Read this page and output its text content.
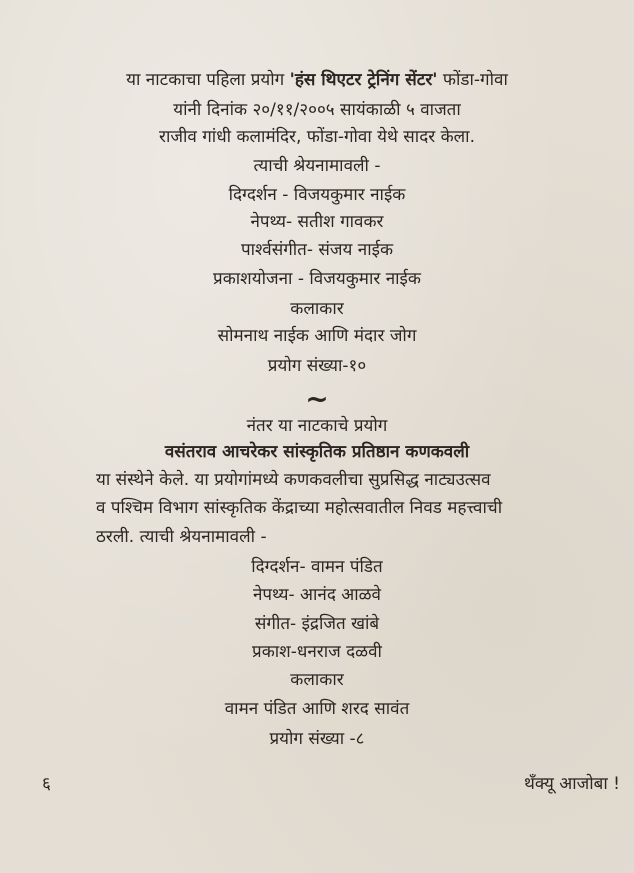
या नाटकाचा पहिला प्रयोग 'हंस थिएटर ट्रेनिंग सेंटर' फोंडा-गोवा
यांनी दिनांक २०/११/२००५ सायंकाळी ५ वाजता
राजीव गांधी कलामंदिर, फोंडा-गोवा येथे सादर केला.
त्याची श्रेयनामावली -
दिग्दर्शन - विजयकुमार नाईक
नेपथ्य- सतीश गावकर
पार्श्वसंगीत- संजय नाईक
प्रकाशयोजना - विजयकुमार नाईक
कलाकार
सोमनाथ नाईक आणि मंदार जोग
प्रयोग संख्या-१०
~
नंतर या नाटकाचे प्रयोग
वसंतराव आचरेकर सांस्कृतिक प्रतिष्ठान कणकवली
या संस्थेने केले. या प्रयोगांमध्ये कणकवलीचा सुप्रसिद्ध नाट्यउत्सव
व पश्चिम विभाग सांस्कृतिक केंद्राच्या महोत्सवातील निवड महत्त्वाची
ठरली. त्याची श्रेयनामावली -
दिग्दर्शन- वामन पंडित
नेपथ्य- आनंद आळवे
संगीत- इंद्रजित खांबे
प्रकाश-धनराज दळवी
कलाकार
वामन पंडित आणि शरद सावंत
प्रयोग संख्या -८
६	थँक्यू आजोबा !
